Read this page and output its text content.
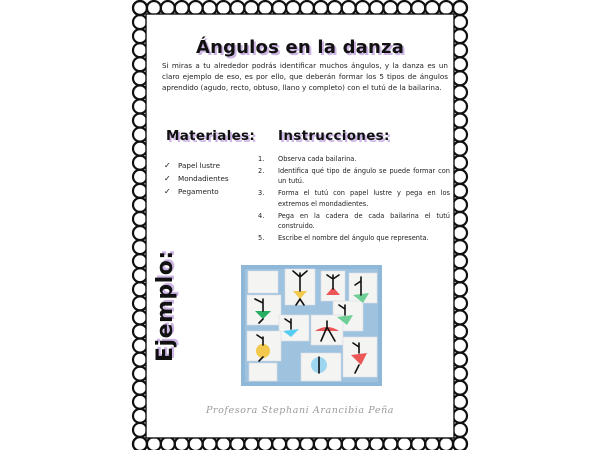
Ángulos en la danza
Si miras a tu alrededor podrás identificar muchos ángulos, y la danza es un claro ejemplo de eso, es por ello, que deberán formar los 5 tipos de ángulos aprendido (agudo, recto, obtuso, llano y completo) con el tutú de la bailarina.
Materiales: Instrucciones:
✓	Papel lustre
✓	Mondadientes
✓	Pegamento
1.	Observa cada bailarina.
2.	Identifica qué tipo de ángulo se puede formar con un tutú.
3.	Forma el tutú con papel lustre y pega en los extremos el mondadientes.
4.	Pega en la cadera de cada bailarina el tutú construido.
5.	Escribe el nombre del ángulo que representa.
Ejemplo:
Profesora Stephani Arancibia Peña
